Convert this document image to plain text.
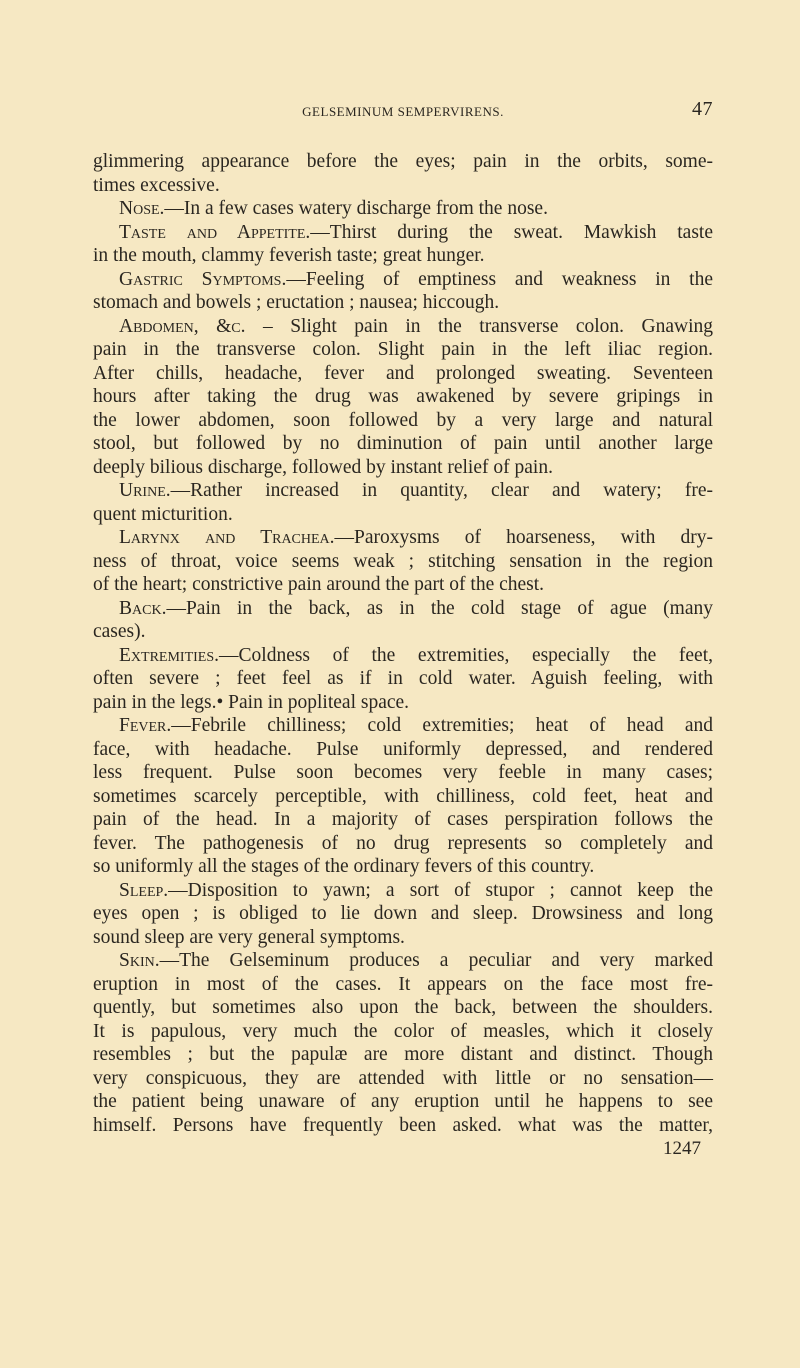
GELSEMINUM SEMPERVIRENS.	47
glimmering appearance before the eyes; pain in the orbits, some-
times excessive.
Nose.—In a few cases watery discharge from the nose.
Taste and Appetite.—Thirst during the sweat. Mawkish taste
in the mouth, clammy feverish taste; great hunger.
Gastric Symptoms.—Feeling of emptiness and weakness in the
stomach and bowels ; eructation ; nausea; hiccough.
Abdomen, &c. – Slight pain in the transverse colon. Gnawing
pain in the transverse colon. Slight pain in the left iliac region.
After chills, headache, fever and prolonged sweating. Seventeen
hours after taking the drug was awakened by severe gripings in
the lower abdomen, soon followed by a very large and natural
stool, but followed by no diminution of pain until another large
deeply bilious discharge, followed by instant relief of pain.
Urine.—Rather increased in quantity, clear and watery; fre-
quent micturition.
Larynx and Trachea.—Paroxysms of hoarseness, with dry-
ness of throat, voice seems weak ; stitching sensation in the region
of the heart; constrictive pain around the part of the chest.
Back.—Pain in the back, as in the cold stage of ague (many
cases).
Extremities.—Coldness of the extremities, especially the feet,
often severe ; feet feel as if in cold water. Aguish feeling, with
pain in the legs.• Pain in popliteal space.
Fever.—Febrile chilliness; cold extremities; heat of head and
face, with headache. Pulse uniformly depressed, and rendered
less frequent. Pulse soon becomes very feeble in many cases;
sometimes scarcely perceptible, with chilliness, cold feet, heat and
pain of the head. In a majority of cases perspiration follows the
fever. The pathogenesis of no drug represents so completely and
so uniformly all the stages of the ordinary fevers of this country.
Sleep.—Disposition to yawn; a sort of stupor ; cannot keep the
eyes open ; is obliged to lie down and sleep. Drowsiness and long
sound sleep are very general symptoms.
Skin.—The Gelseminum produces a peculiar and very marked
eruption in most of the cases. It appears on the face most fre-
quently, but sometimes also upon the back, between the shoulders.
It is papulous, very much the color of measles, which it closely
resembles ; but the papulæ are more distant and distinct. Though
very conspicuous, they are attended with little or no sensation—
the patient being unaware of any eruption until he happens to see
himself. Persons have frequently been asked. what was the matter,
1247
